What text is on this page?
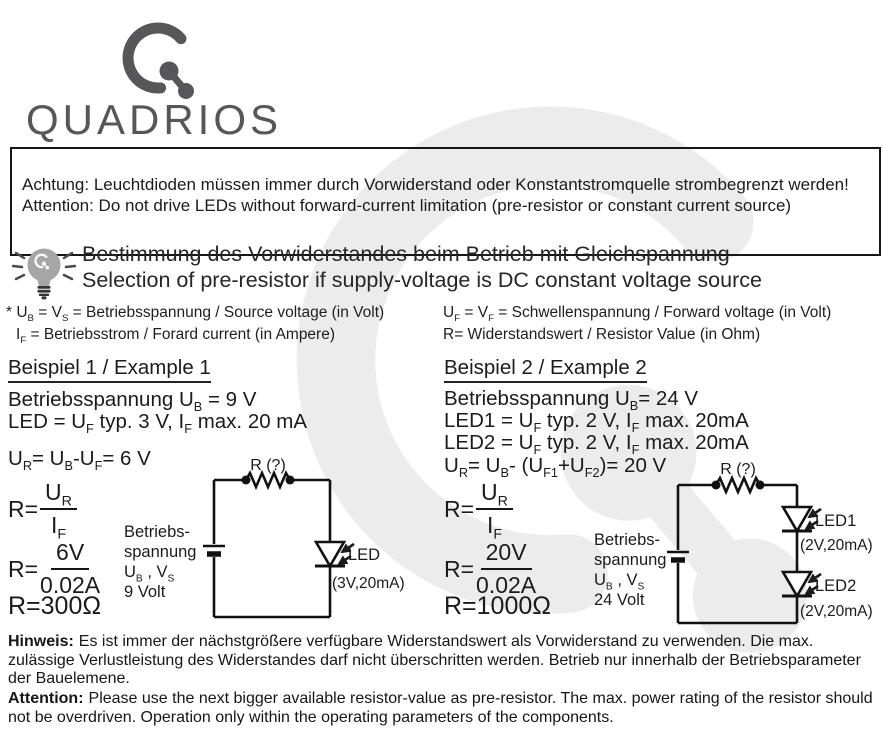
QUADRIOS
Achtung: Leuchtdioden müssen immer durch Vorwiderstand oder Konstantstromquelle strombegrenzt werden!
Attention: Do not drive LEDs without forward-current limitation (pre-resistor or constant current source)
Bestimmung des Vorwiderstandes beim Betrieb mit Gleichspannung
Selection of pre-resistor if supply-voltage is DC constant voltage source
* $U_B = V_S$ = Betriebsspannung / Source voltage (in Volt)
$I_F$ = Betriebsstrom / Forard current (in Ampere)
$U_F = V_F$ = Schwellenspannung / Forward voltage (in Volt)
R= Widerstandswert / Resistor Value (in Ohm)
Beispiel 1 / Example 1
Betriebsspannung $U_B = 9$ V
LED = $U_F$ typ. 3 V, $I_F$ max. 20 mA
$U_R= U_B-U_F= 6$ V
$R= \frac{U_R}{I_F}$
$R= \frac{6V}{0.02A}$
R=300Ω
Betriebs-
spannung
$U_B$ , $V_S$
9 Volt
R (?)
LED
(3V,20mA)
Beispiel 2 / Example 2
Betriebsspannung $U_B= 24$ V
$LED1 = U_F$ typ. 2 V, $I_F$ max. 20mA
$LED2 = U_F$ typ. 2 V, $I_F$ max. 20mA
$U_R= U_B-$ $(U_{F1}+U_{F2})= 20$ V
$R= \frac{U_R}{I_F}$
$R= \frac{20V}{0.02A}$
R=1000Ω
Betriebs-
spannung
$U_B$ , $V_S$
24 Volt
R (?)
LED1
(2V,20mA)
LED2
(2V,20mA)
Hinweis: Es ist immer der nächstgrößere verfügbare Widerstandswert als Vorwiderstand zu verwenden. Die max. zulässige Verlustleistung des Widerstandes darf nicht überschritten werden. Betrieb nur innerhalb der Betriebsparameter der Bauelemene.
Attention: Please use the next bigger available resistor-value as pre-resistor. The max. power rating of the resistor should not be overdriven. Operation only within the operating parameters of the components.
